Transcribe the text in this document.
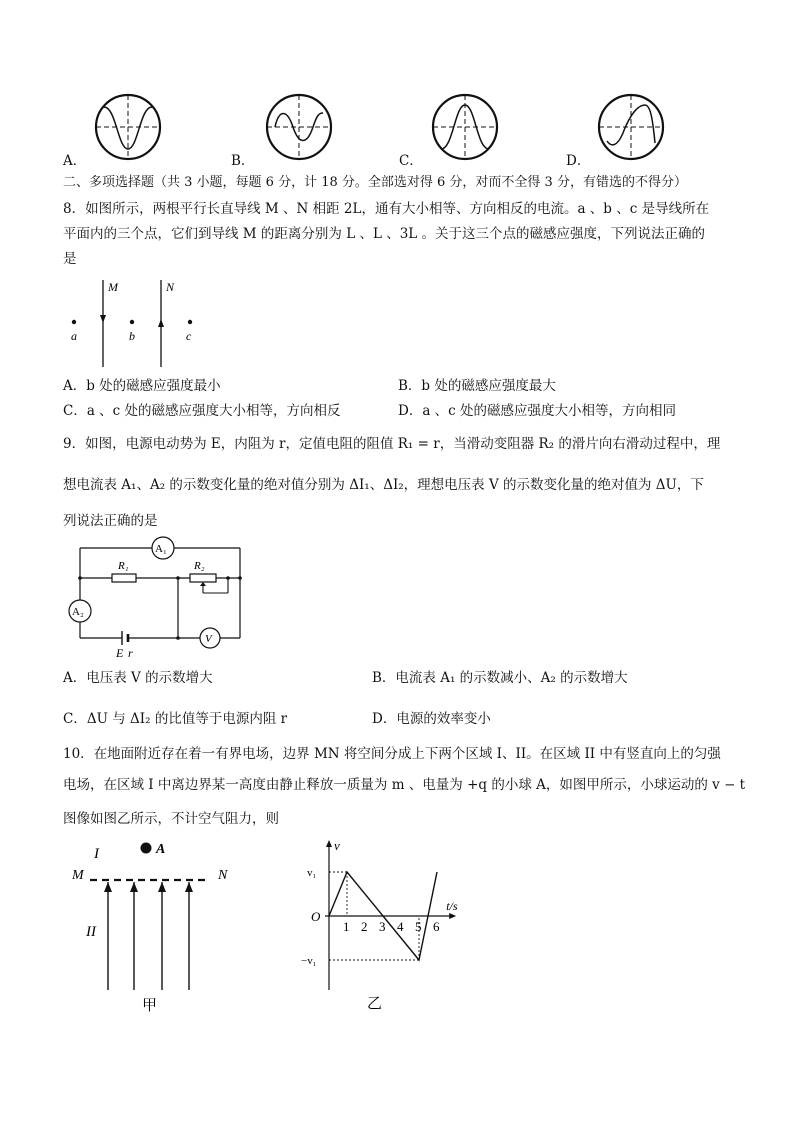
A．	B．	C．	D．
二、多项选择题（共 3 小题，每题 6 分，计 18 分。全部选对得 6 分，对而不全得 3 分，有错选的不得分）
8．如图所示，两根平行长直导线 M 、N 相距 2L，通有大小相等、方向相反的电流。a 、b 、c 是导线所在
平面内的三个点，它们到导线 M 的距离分别为 L 、L 、3L 。关于这三个点的磁感应强度，下列说法正确的
是
M	N
a	b	c
A．b 处的磁感应强度最小	B．b 处的磁感应强度最大
C．a 、c 处的磁感应强度大小相等，方向相反	D．a 、c 处的磁感应强度大小相等，方向相同
9．如图，电源电动势为 E，内阻为 r，定值电阻的阻值 R₁ = r，当滑动变阻器 R₂ 的滑片向右滑动过程中，理
想电流表 A₁、A₂ 的示数变化量的绝对值分别为 ΔI₁、ΔI₂，理想电压表 V 的示数变化量的绝对值为 ΔU，下
列说法正确的是
A₁
A₂
R₁	R₂
V
E r
A．电压表 V 的示数增大	B．电流表 A₁ 的示数减小、A₂ 的示数增大
C．ΔU 与 ΔI₂ 的比值等于电源内阻 r	D．电源的效率变小
10．在地面附近存在着一有界电场，边界 MN 将空间分成上下两个区域 I、II。在区域 II 中有竖直向上的匀强
电场，在区域 I 中离边界某一高度由静止释放一质量为 m 、电量为 +q 的小球 A，如图甲所示，小球运动的 v − t
图像如图乙所示，不计空气阻力，则
I	A
M	N
II
甲
v
t/s
O
v₁
−v₁
1 2 3 4 5 6
乙
